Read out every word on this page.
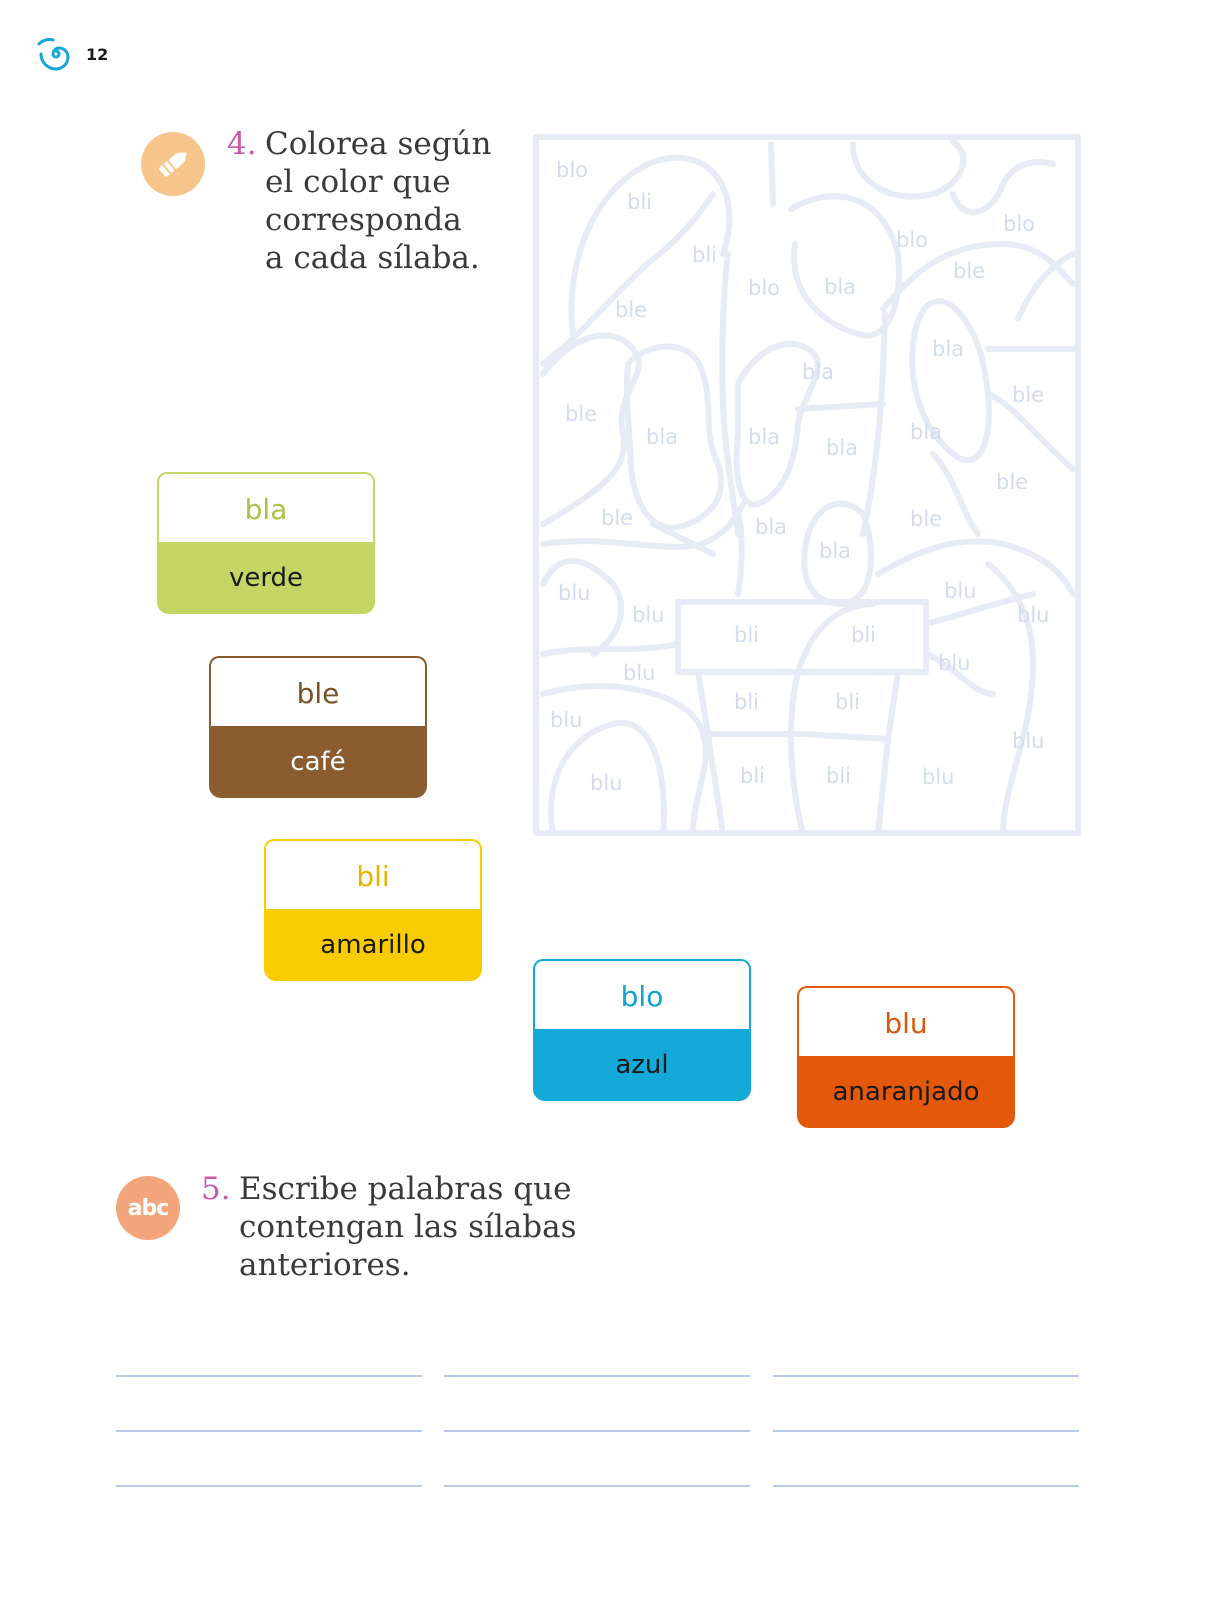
12
4. Colorea según
el color que
corresponda
a cada sílaba.
bla
verde
ble
café
bli
amarillo
blo
azul
blu
anaranjado
blo
bli
bli
blo bla
blo
ble
blo
ble
bla
bla
ble
ble
bla	bla bla
bla
ble
ble	bla
bla
ble
blu
blu
bli	bli
blu
blu
blu	blu
bli	bli
blu
blu
blu	bli	bli	blu
abc
5. Escribe palabras que
contengan las sílabas
anteriores.
